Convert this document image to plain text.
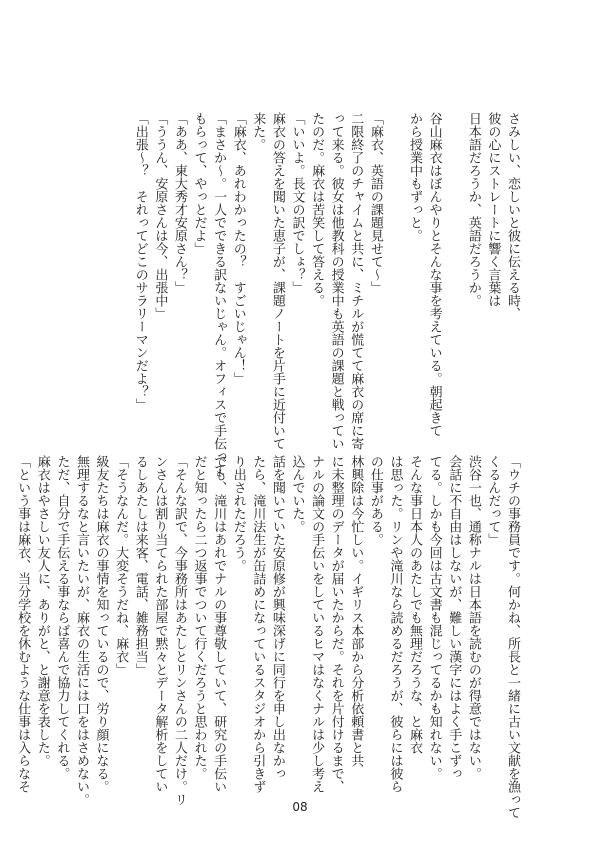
さみしい、恋しいと彼に伝える時、
彼の心にストレートに響く言葉は
日本語だろうか、英語だろうか。
谷山麻衣はぼんやりとそんな事を考えている。朝起きて
から授業中もずっと。
「麻衣、英語の課題見せて〜」
二限終了のチャイムと共に、ミチルが慌てて麻衣の席に寄
って来る。彼女は他教科の授業中も英語の課題と戦ってい
たのだ。麻衣は苦笑して答える。
「いいよ。長文の訳でしょ？」
麻衣の答えを聞いた恵子が、課題ノートを片手に近付いて
来た。
「麻衣、あれわかったの？　すごいじゃん！」
「まさか〜。一人でできる訳ないじゃん。オフィスで手伝って
もらって、やっとだよ」
「ああ、東大秀才安原さん？」
「ううん、安原さんは今、出張中」
「出張〜？　それってどこのサラリーマンだよ？」
「ウチの事務員です。何かね、所長と一緒に古い文献を漁って
くるんだって」
渋谷一也、通称ナルは日本語を読むのが得意ではない。
会話に不自由はしないが、難しい漢字にはよく手こずっ
てる。しかも今回は古文書も混じってるかも知れない。
そんな事日本人のあたしでも無理だろうな、と麻衣
は思った。リンや滝川なら読めるだろうが、彼らには彼ら
の仕事がある。
林興除は今忙しい。イギリス本部から分析依頼書と共
に未整理のデータが届いたからだ。それを片付けるまで、
ナルの論文の手伝いをしているヒマはなくナルは少し考え
込んでいた。
話を聞いていた安原修が興味深げに同行を申し出なかっ
たら、滝川法生が缶詰めになっているスタジオから引きず
り出されただろう。
でも、滝川はあれでナルの事尊敬していて、研究の手伝い
だと知ったら二つ返事でついて行くだろうと思われた。
「そんな訳で、今事務所はあたしとリンさんの二人だけ。リ
ンさんは割り当てられた部屋で黙々とデータ解析をしてい
るしあたしは来客、電話、雑務担当」
「そうなんだ。大変そうだね、麻衣」
級友たちは麻衣の事情を知っているので、労り顔になる。
無理するなと言いたいが、麻衣の生活には口をはさめない。
ただ、自分で手伝える事ならば喜んで協力してくれる。
麻衣はやさしい友人に、ありがと、と謝意を表した。
「という事は麻衣、当分学校を休むような仕事は入らなそ
08
